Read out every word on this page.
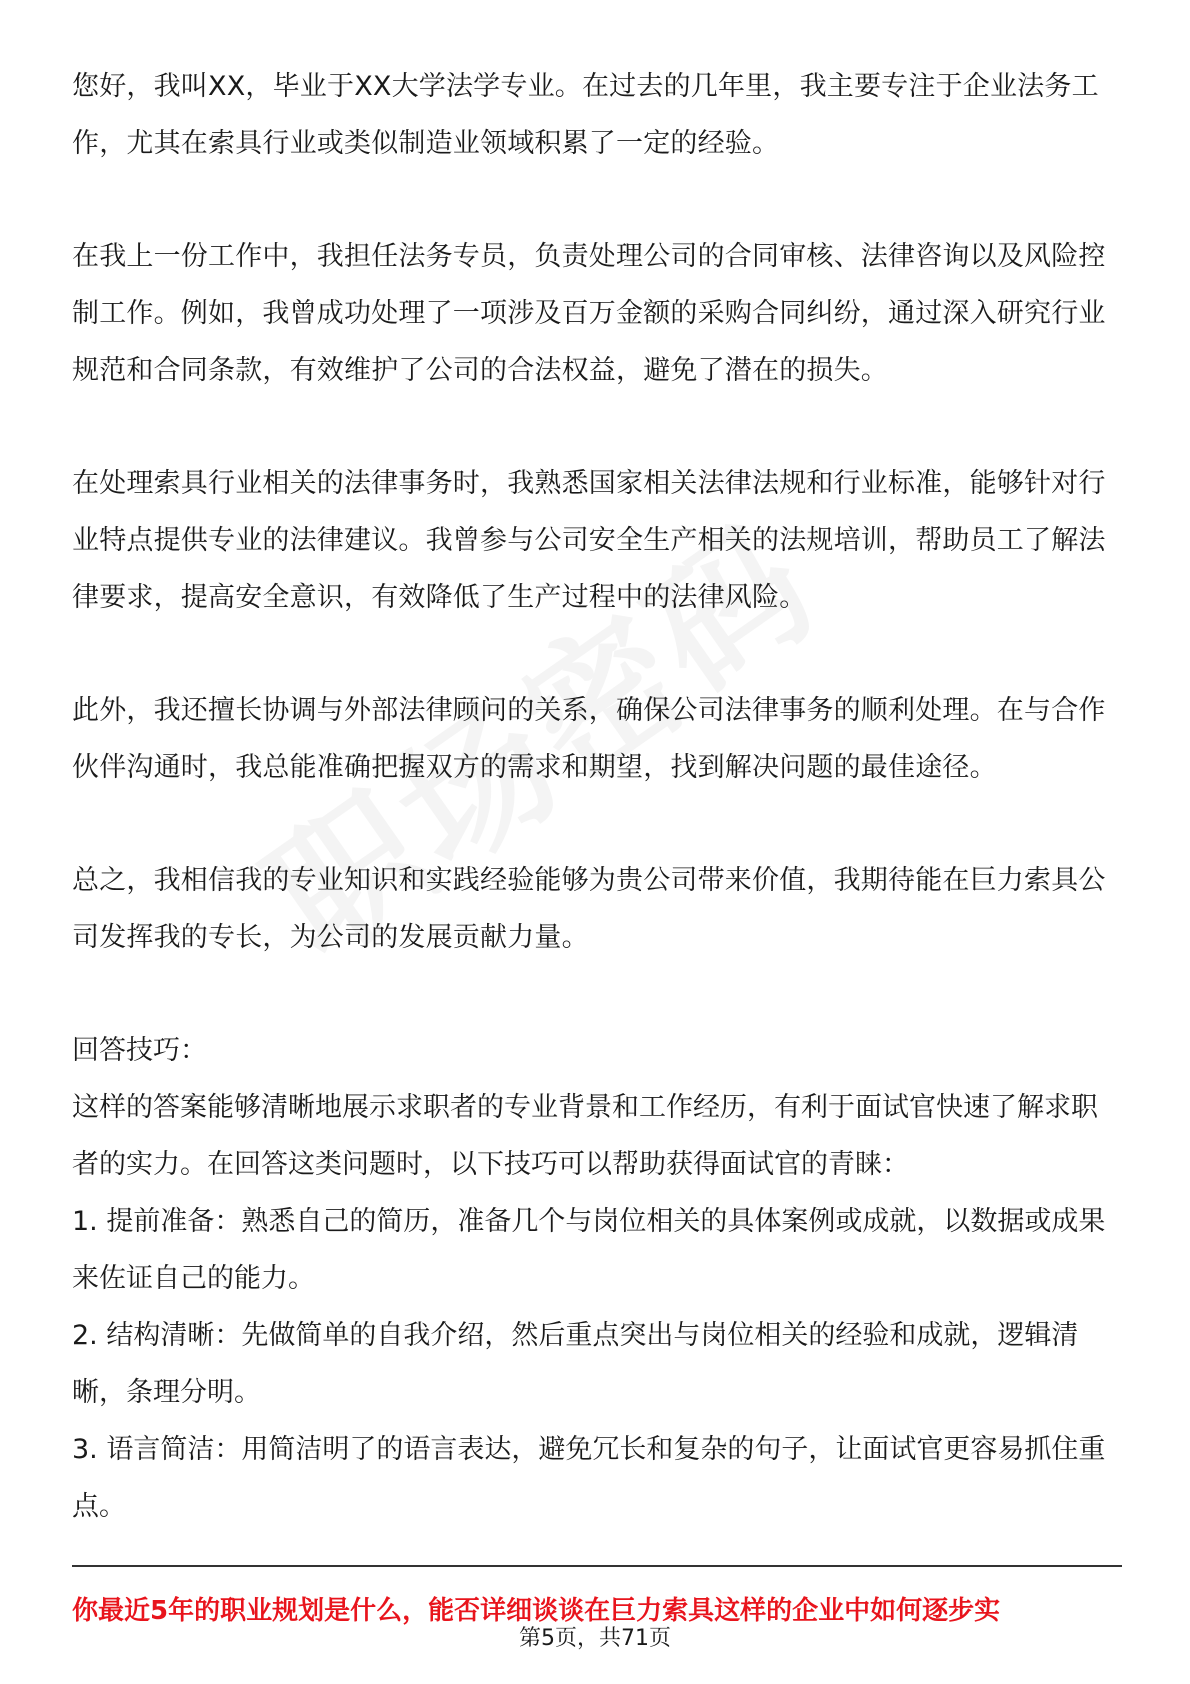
您好，我叫XX，毕业于XX大学法学专业。在过去的几年里，我主要专注于企业法务工作，尤其在索具行业或类似制造业领域积累了一定的经验。

在我上一份工作中，我担任法务专员，负责处理公司的合同审核、法律咨询以及风险控制工作。例如，我曾成功处理了一项涉及百万金额的采购合同纠纷，通过深入研究行业规范和合同条款，有效维护了公司的合法权益，避免了潜在的损失。

在处理索具行业相关的法律事务时，我熟悉国家相关法律法规和行业标准，能够针对行业特点提供专业的法律建议。我曾参与公司安全生产相关的法规培训，帮助员工了解法律要求，提高安全意识，有效降低了生产过程中的法律风险。

此外，我还擅长协调与外部法律顾问的关系，确保公司法律事务的顺利处理。在与合作伙伴沟通时，我总能准确把握双方的需求和期望，找到解决问题的最佳途径。

总之，我相信我的专业知识和实践经验能够为贵公司带来价值，我期待能在巨力索具公司发挥我的专长，为公司的发展贡献力量。

回答技巧：

这样的答案能够清晰地展示求职者的专业背景和工作经历，有利于面试官快速了解求职者的实力。在回答这类问题时，以下技巧可以帮助获得面试官的青睐：

1. 提前准备：熟悉自己的简历，准备几个与岗位相关的具体案例或成就，以数据或成果来佐证自己的能力。

2. 结构清晰：先做简单的自我介绍，然后重点突出与岗位相关的经验和成就，逻辑清晰，条理分明。

3. 语言简洁：用简洁明了的语言表达，避免冗长和复杂的句子，让面试官更容易抓住重点。

你最近5年的职业规划是什么，能否详细谈谈在巨力索具这样的企业中如何逐步实
第5页，共71页
